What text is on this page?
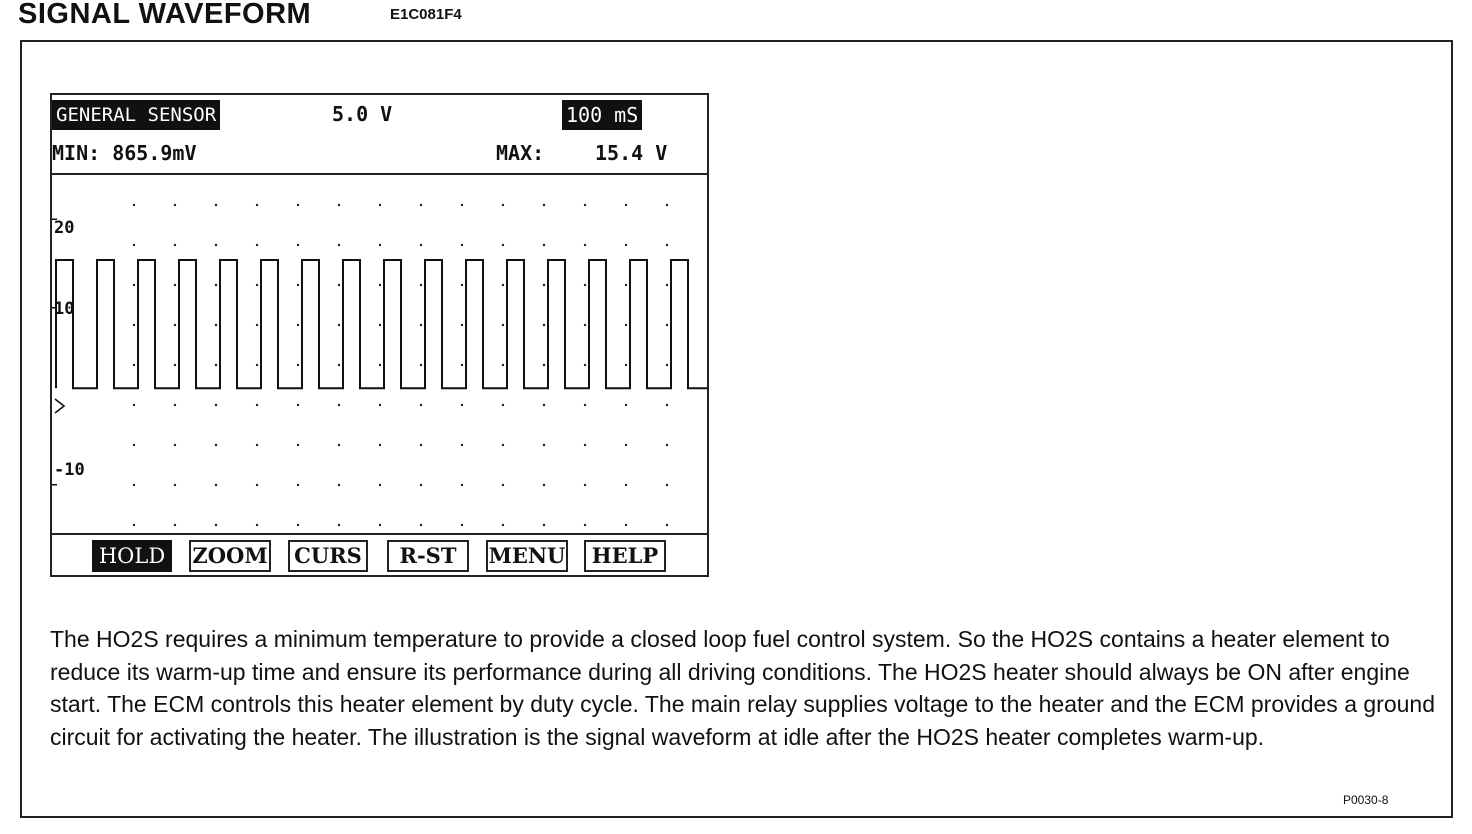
SIGNAL WAVEFORM	E1C081F4
GENERAL SENSOR	5.0 V	100 mS
MIN: 865.9mV	MAX:	15.4 V
20
10
-10
HOLD	ZOOM CURS	R-ST	MENU	HELP
The HO2S requires a minimum temperature to provide a closed loop fuel control system. So the HO2S contains a heater element to reduce its warm-up time and ensure its performance during all driving conditions. The HO2S heater should always be ON after engine start. The ECM controls this heater element by duty cycle. The main relay supplies voltage to the heater and the ECM provides a ground circuit for activating the heater. The illustration is the signal waveform at idle after the HO2S heater completes warm-up.
P0030-8
